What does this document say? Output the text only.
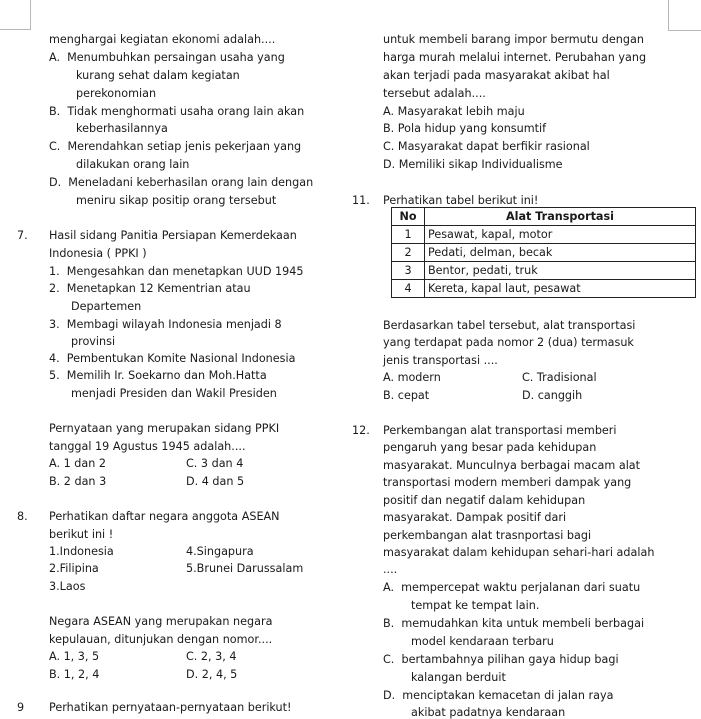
menghargai kegiatan ekonomi adalah....
A.  Menumbuhkan persaingan usaha yang
kurang sehat dalam kegiatan
perekonomian
B.  Tidak menghormati usaha orang lain akan
keberhasilannya
C.  Merendahkan setiap jenis pekerjaan yang
dilakukan orang lain
D.  Meneladani keberhasilan orang lain dengan
meniru sikap positip orang tersebut
7. Hasil sidang Panitia Persiapan Kemerdekaan
Indonesia ( PPKI )
1.  Mengesahkan dan menetapkan UUD 1945
2.  Menetapkan 12 Kementrian atau
Departemen
3.  Membagi wilayah Indonesia menjadi 8
provinsi
4.  Pembentukan Komite Nasional Indonesia
5.  Memilih Ir. Soekarno dan Moh.Hatta
menjadi Presiden dan Wakil Presiden
Pernyataan yang merupakan sidang PPKI
tanggal 19 Agustus 1945 adalah....
A. 1 dan 2	C. 3 dan 4
B. 2 dan 3	D. 4 dan 5
8. Perhatikan daftar negara anggota ASEAN
berikut ini !
1.Indonesia	4.Singapura
2.Filipina	5.Brunei Darussalam
3.Laos
Negara ASEAN yang merupakan negara
kepulauan, ditunjukan dengan nomor....
A. 1, 3, 5	C. 2, 3, 4
B. 1, 2, 4	D. 2, 4, 5
9 Perhatikan pernyataan-pernyataan berikut!
untuk membeli barang impor bermutu dengan
harga murah melalui internet. Perubahan yang
akan terjadi pada masyarakat akibat hal
tersebut adalah....
A. Masyarakat lebih maju
B. Pola hidup yang konsumtif
C. Masyarakat dapat berfikir rasional
D. Memiliki sikap Individualisme
11. Perhatikan tabel berikut ini!
No	Alat Transportasi
1	Pesawat, kapal, motor
2	Pedati, delman, becak
3	Bentor, pedati, truk
4	Kereta, kapal laut, pesawat
Berdasarkan tabel tersebut, alat transportasi
yang terdapat pada nomor 2 (dua) termasuk
jenis transportasi ....
A. modern	C. Tradisional
B. cepat	D. canggih
12. Perkembangan alat transportasi memberi
pengaruh yang besar pada kehidupan
masyarakat. Munculnya berbagai macam alat
transportasi modern memberi dampak yang
positif dan negatif dalam kehidupan
masyarakat. Dampak positif dari
perkembangan alat trasnportasi bagi
masyarakat dalam kehidupan sehari-hari adalah
....
A.  mempercepat waktu perjalanan dari suatu
tempat ke tempat lain.
B.  memudahkan kita untuk membeli berbagai
model kendaraan terbaru
C.  bertambahnya pilihan gaya hidup bagi
kalangan berduit
D.  menciptakan kemacetan di jalan raya
akibat padatnya kendaraan
